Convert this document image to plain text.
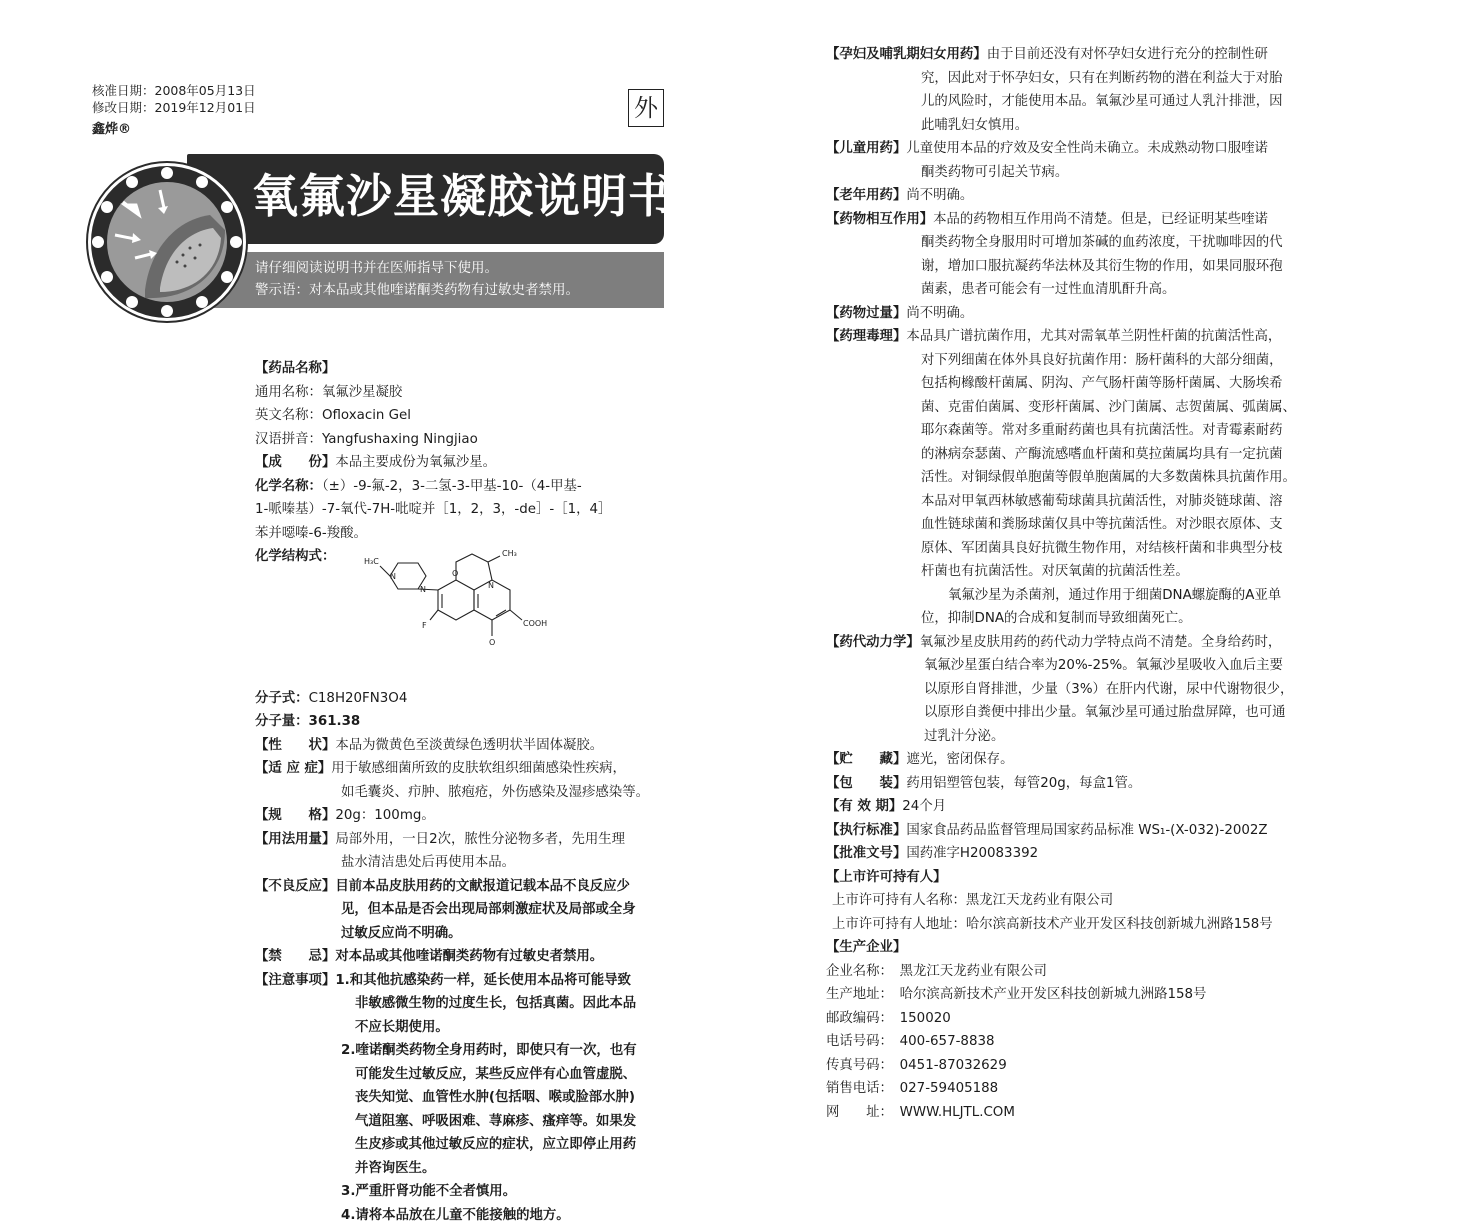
核准日期：2008年05月13日
修改日期：2019年12月01日
鑫烨®
外
氧氟沙星凝胶说明书
请仔细阅读说明书并在医师指导下使用。
警示语：对本品或其他喹诺酮类药物有过敏史者禁用。
【药品名称】
通用名称：氧氟沙星凝胶
英文名称：Ofloxacin Gel
汉语拼音：Yangfushaxing Ningjiao
【成　　份】本品主要成份为氧氟沙星。
化学名称：（±）-9-氟-2，3-二氢-3-甲基-10-（4-甲基-
1-哌嗪基）-7-氧代-7H-吡啶并［1，2，3，-de］-［1，4］
苯并噁嗪-6-羧酸。
化学结构式：
分子式：C18H20FN3O4
分子量：361.38
【性　　状】本品为微黄色至淡黄绿色透明状半固体凝胶。
【适 应 症】用于敏感细菌所致的皮肤软组织细菌感染性疾病，
如毛囊炎、疖肿、脓疱疮，外伤感染及湿疹感染等。
【规　　格】20g：100mg。
【用法用量】局部外用，一日2次，脓性分泌物多者，先用生理
盐水清洁患处后再使用本品。
【不良反应】目前本品皮肤用药的文献报道记载本品不良反应少
见，但本品是否会出现局部刺激症状及局部或全身
过敏反应尚不明确。
【禁　　忌】对本品或其他喹诺酮类药物有过敏史者禁用。
【注意事项】1.和其他抗感染药一样，延长使用本品将可能导致
非敏感微生物的过度生长，包括真菌。因此本品
不应长期使用。
2.喹诺酮类药物全身用药时，即使只有一次，也有
可能发生过敏反应，某些反应伴有心血管虚脱、
丧失知觉、血管性水肿(包括咽、喉或脸部水肿)
气道阻塞、呼吸困难、荨麻疹、瘙痒等。如果发
生皮疹或其他过敏反应的症状，应立即停止用药
并咨询医生。
3.严重肝肾功能不全者慎用。
4.请将本品放在儿童不能接触的地方。
H₃C
N
N
O
N
CH₃
F
O
COOH
【孕妇及哺乳期妇女用药】由于目前还没有对怀孕妇女进行充分的控制性研
究，因此对于怀孕妇女，只有在判断药物的潜在利益大于对胎
儿的风险时，才能使用本品。氧氟沙星可通过人乳汁排泄，因
此哺乳妇女慎用。
【儿童用药】儿童使用本品的疗效及安全性尚未确立。未成熟动物口服喹诺
酮类药物可引起关节病。
【老年用药】尚不明确。
【药物相互作用】本品的药物相互作用尚不清楚。但是，已经证明某些喹诺
酮类药物全身服用时可增加茶碱的血药浓度，干扰咖啡因的代
谢，增加口服抗凝药华法林及其衍生物的作用，如果同服环孢
菌素，患者可能会有一过性血清肌酐升高。
【药物过量】尚不明确。
【药理毒理】本品具广谱抗菌作用，尤其对需氧革兰阴性杆菌的抗菌活性高，
对下列细菌在体外具良好抗菌作用：肠杆菌科的大部分细菌，
包括枸橼酸杆菌属、阴沟、产气肠杆菌等肠杆菌属、大肠埃希
菌、克雷伯菌属、变形杆菌属、沙门菌属、志贺菌属、弧菌属、
耶尔森菌等。常对多重耐药菌也具有抗菌活性。对青霉素耐药
的淋病奈瑟菌、产酶流感嗜血杆菌和莫拉菌属均具有一定抗菌
活性。对铜绿假单胞菌等假单胞菌属的大多数菌株具抗菌作用。
本品对甲氧西林敏感葡萄球菌具抗菌活性，对肺炎链球菌、溶
血性链球菌和粪肠球菌仅具中等抗菌活性。对沙眼衣原体、支
原体、军团菌具良好抗微生物作用，对结核杆菌和非典型分枝
杆菌也有抗菌活性。对厌氧菌的抗菌活性差。
氧氟沙星为杀菌剂，通过作用于细菌DNA螺旋酶的A亚单
位，抑制DNA的合成和复制而导致细菌死亡。
【药代动力学】氧氟沙星皮肤用药的药代动力学特点尚不清楚。全身给药时，
氧氟沙星蛋白结合率为20%-25%。氧氟沙星吸收入血后主要
以原形自肾排泄，少量（3%）在肝内代谢，尿中代谢物很少，
以原形自粪便中排出少量。氧氟沙星可通过胎盘屏障，也可通
过乳汁分泌。
【贮　　藏】遮光，密闭保存。
【包　　装】药用铝塑管包装，每管20g，每盒1管。
【有 效 期】24个月
【执行标准】国家食品药品监督管理局国家药品标准 WS₁-(X-032)-2002Z
【批准文号】国药准字H20083392
【上市许可持有人】
上市许可持有人名称：黑龙江天龙药业有限公司
上市许可持有人地址：哈尔滨高新技术产业开发区科技创新城九洲路158号
【生产企业】
企业名称：　黑龙江天龙药业有限公司
生产地址：　哈尔滨高新技术产业开发区科技创新城九洲路158号
邮政编码：　150020
电话号码：　400-657-8838
传真号码：　0451-87032629
销售电话：　027-59405188
网　　址：　WWW.HLJTL.COM
